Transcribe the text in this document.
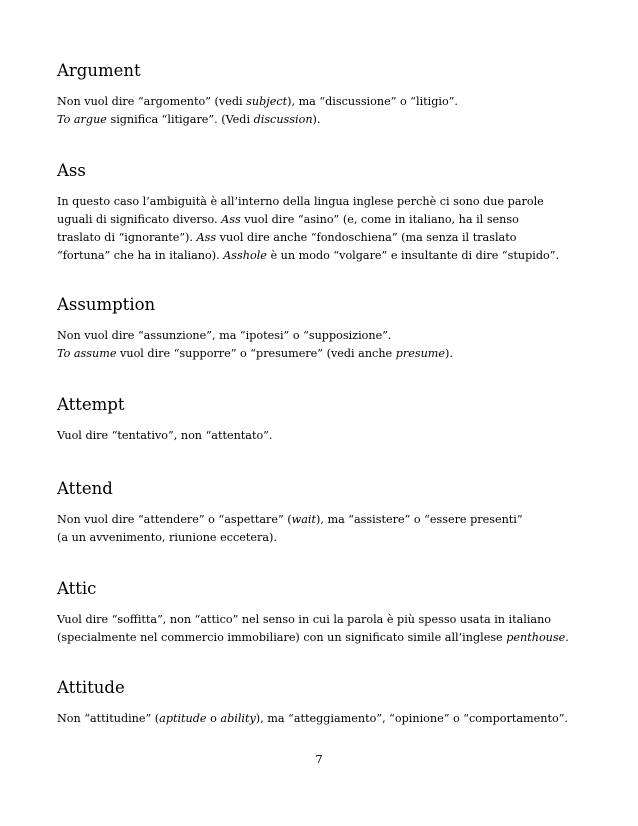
Argument

Non vuol dire “argomento” (vedi subject), ma “discussione” o “litigio”.

To argue significa “litigare”. (Vedi discussion).

Ass

In questo caso l’ambiguità è all’interno della lingua inglese perchè ci sono due parole

uguali di significato diverso. Ass vuol dire “asino” (e, come in italiano, ha il senso

traslato di “ignorante”). Ass vuol dire anche “fondoschiena” (ma senza il traslato

“fortuna” che ha in italiano). Asshole è un modo “volgare” e insultante di dire “stupido”.

Assumption

Non vuol dire “assunzione”, ma “ipotesi” o “supposizione”.

To assume vuol dire “supporre” o “presumere” (vedi anche presume).

Attempt

Vuol dire “tentativo”, non “attentato”.

Attend

Non vuol dire “attendere” o “aspettare” (wait), ma “assistere” o “essere presenti”

(a un avvenimento, riunione eccetera).

Attic

Vuol dire “soffitta”, non “attico” nel senso in cui la parola è più spesso usata in italiano

(specialmente nel commercio immobiliare) con un significato simile all’inglese penthouse.

Attitude

Non “attitudine” (aptitude o ability), ma “atteggiamento”, “opinione” o “comportamento”.

7
